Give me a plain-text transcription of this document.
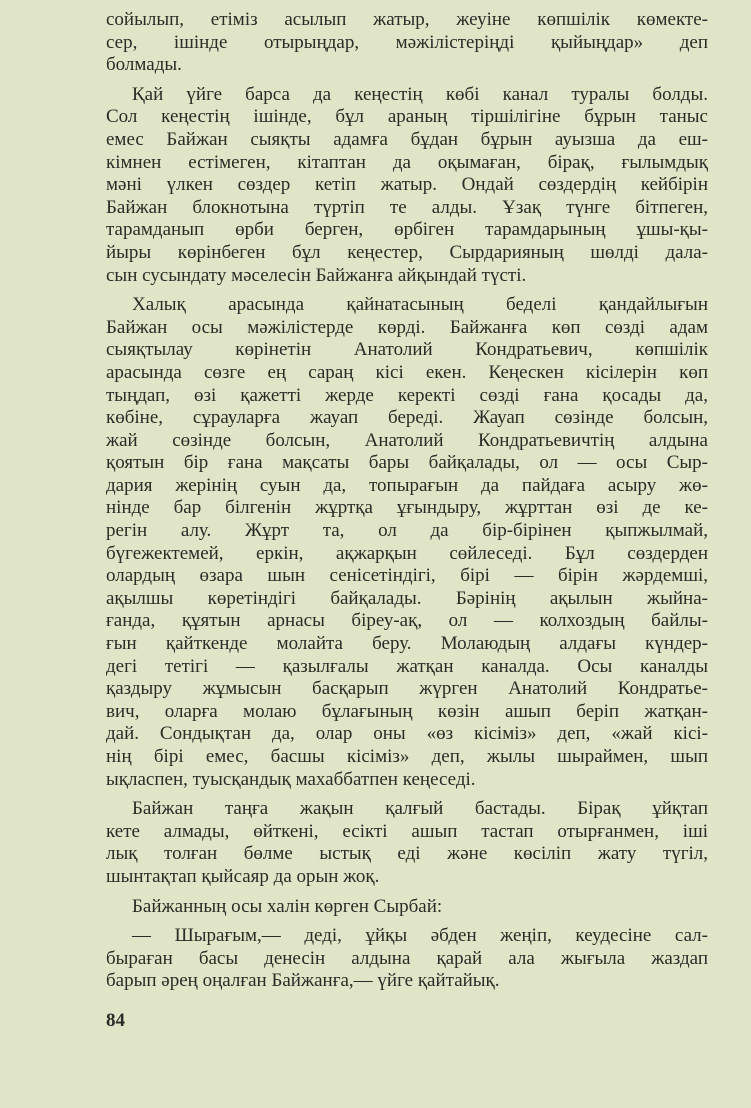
сойылып, етіміз асылып жатыр, жеуіне көпшілік көмекте-
сер, ішінде отырыңдар, мәжілістеріңді қыйыңдар» деп
болмады.
Қай үйге барса да кеңестің көбі канал туралы болды.
Сол кеңестің ішінде, бұл араның тіршілігіне бұрын таныс
емес Байжан сыяқты адамға бұдан бұрын ауызша да еш-
кімнен естімеген, кітаптан да оқымаған, бірақ, ғылымдық
мәні үлкен сөздер кетіп жатыр. Ондай сөздердің кейбірін
Байжан блокнотына түртіп те алды. Ұзақ түнге бітпеген,
тарамданып өрби берген, өрбіген тарамдарының ұшы-қы-
йыры көрінбеген бұл кеңестер, Сырдарияның шөлді дала-
сын сусындату мәселесін Байжанға айқындай түсті.
Халық арасында қайнатасының беделі қандайлығын
Байжан осы мәжілістерде көрді. Байжанға көп сөзді адам
сыяқтылау көрінетін Анатолий Кондратьевич, көпшілік
арасында сөзге ең сараң кісі екен. Кеңескен кісілерін көп
тыңдап, өзі қажетті жерде керекті сөзді ғана қосады да,
көбіне, сұрауларға жауап береді. Жауап сөзінде болсын,
жай сөзінде болсын, Анатолий Кондратьевичтің алдына
қоятын бір ғана мақсаты бары байқалады, ол — осы Сыр-
дария жерінің суын да, топырағын да пайдаға асыру жө-
нінде бар білгенін жұртқа ұғындыру, жұрттан өзі де ке-
регін алу. Жұрт та, ол да бір-бірінен қыпжылмай,
бүгежектемей, еркін, ақжарқын сөйлеседі. Бұл сөздерден
олардың өзара шын сенісетіндігі, бірі — бірін жәрдемші,
ақылшы көретіндігі байқалады. Бәрінің ақылын жыйна-
ғанда, құятын арнасы біреу-ақ, ол — колхоздың байлы-
ғын қайткенде молайта беру. Молаюдың алдағы күндер-
дегі тетігі — қазылғалы жатқан каналда. Осы каналды
қаздыру жұмысын басқарып жүрген Анатолий Кондратье-
вич, оларға молаю бұлағының көзін ашып беріп жатқан-
дай. Сондықтан да, олар оны «өз кісіміз» деп, «жай кісі-
нің бірі емес, басшы кісіміз» деп, жылы шыраймен, шып
ықласпен, туысқандық махаббатпен кеңеседі.
Байжан таңға жақын қалғый бастады. Бірақ ұйқтап
кете алмады, өйткені, есікті ашып тастап отырғанмен, іші
лық толған бөлме ыстық еді және көсіліп жату түгіл,
шынтақтап қыйсаяр да орын жоқ.
Байжанның осы халін көрген Сырбай:
— Шырағым,— деді, ұйқы әбден жеңіп, кеудесіне сал-
быраған басы денесін алдына қарай ала жығыла жаздап
барып әрең оңалған Байжанға,— үйге қайтайық.
84
